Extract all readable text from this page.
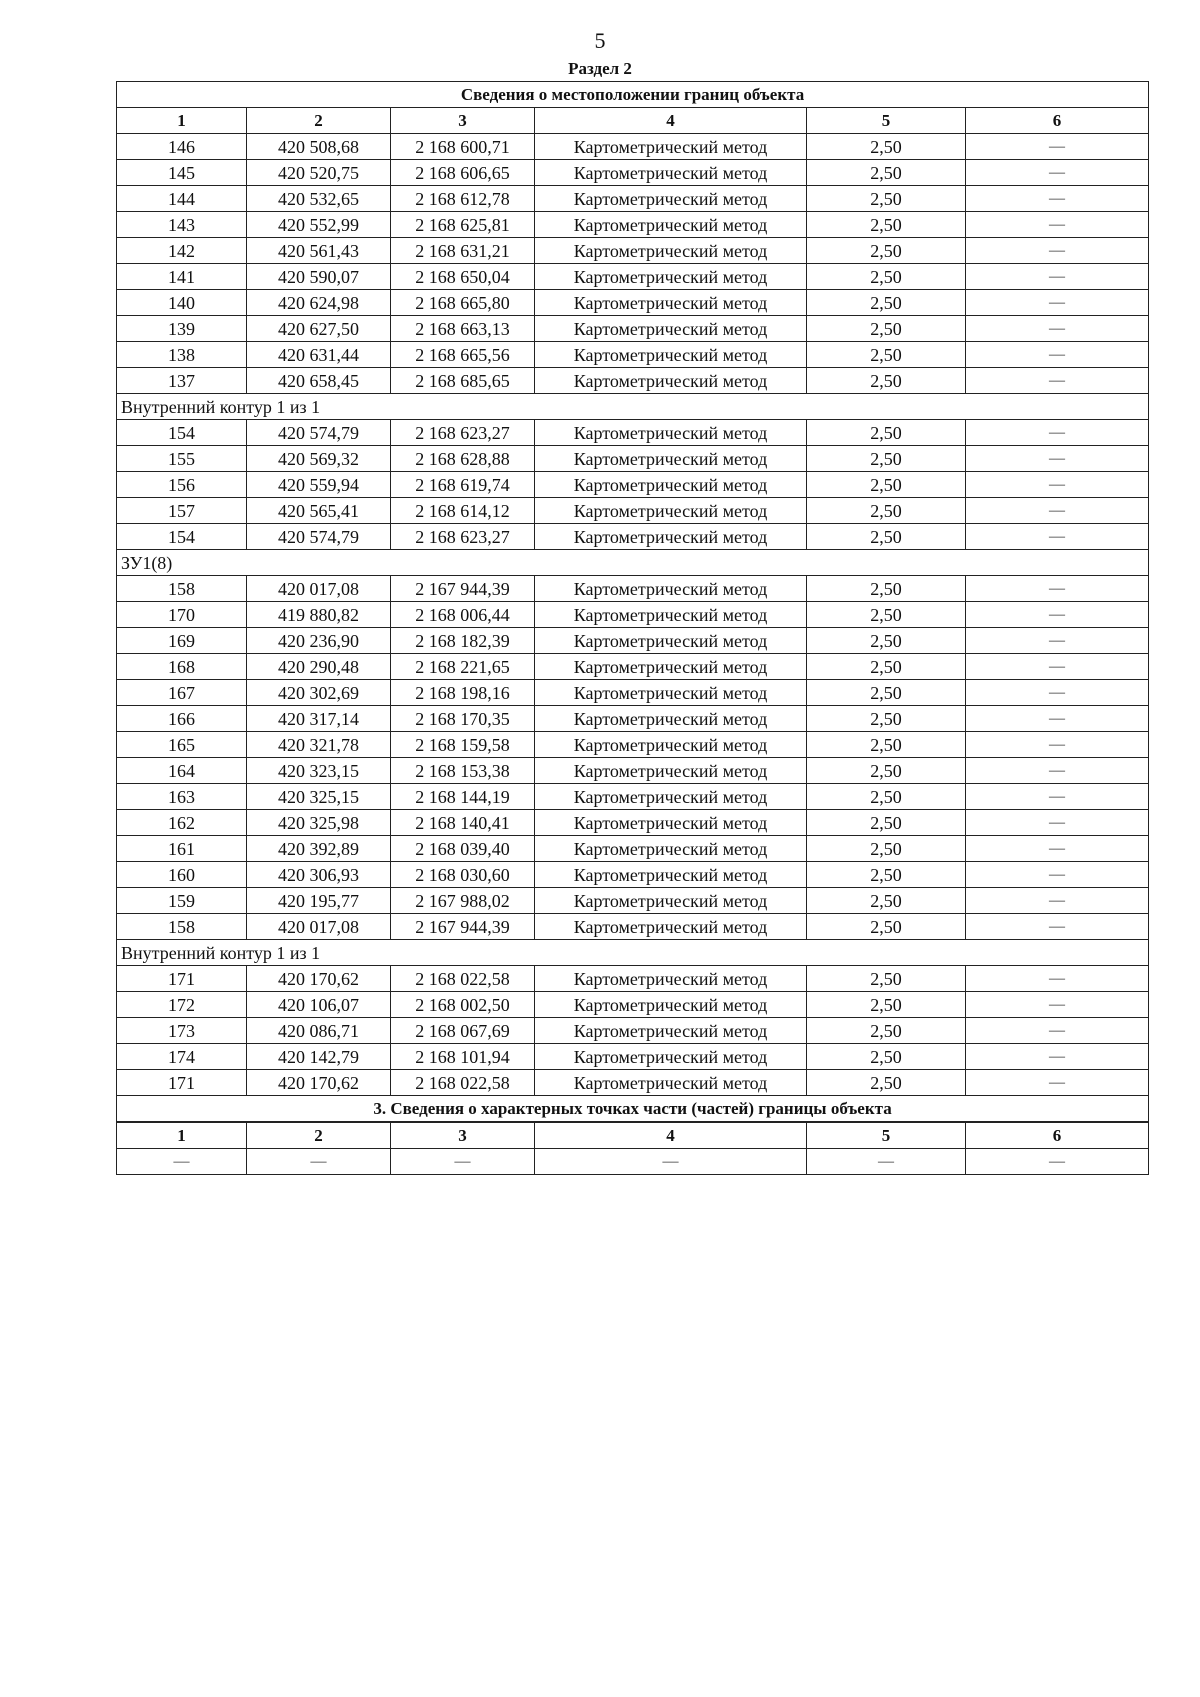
5
Раздел 2
Сведения о местоположении границ объекта					
1	2	3	4	5	6
146	420 508,68	2 168 600,71	Картометрический метод	2,50	—
145	420 520,75	2 168 606,65	Картометрический метод	2,50	—
144	420 532,65	2 168 612,78	Картометрический метод	2,50	—
143	420 552,99	2 168 625,81	Картометрический метод	2,50	—
142	420 561,43	2 168 631,21	Картометрический метод	2,50	—
141	420 590,07	2 168 650,04	Картометрический метод	2,50	—
140	420 624,98	2 168 665,80	Картометрический метод	2,50	—
139	420 627,50	2 168 663,13	Картометрический метод	2,50	—
138	420 631,44	2 168 665,56	Картометрический метод	2,50	—
137	420 658,45	2 168 685,65	Картометрический метод	2,50	—
Внутренний контур 1 из 1					
154	420 574,79	2 168 623,27	Картометрический метод	2,50	—
155	420 569,32	2 168 628,88	Картометрический метод	2,50	—
156	420 559,94	2 168 619,74	Картометрический метод	2,50	—
157	420 565,41	2 168 614,12	Картометрический метод	2,50	—
154	420 574,79	2 168 623,27	Картометрический метод	2,50	—
ЗУ1(8)					
158	420 017,08	2 167 944,39	Картометрический метод	2,50	—
170	419 880,82	2 168 006,44	Картометрический метод	2,50	—
169	420 236,90	2 168 182,39	Картометрический метод	2,50	—
168	420 290,48	2 168 221,65	Картометрический метод	2,50	—
167	420 302,69	2 168 198,16	Картометрический метод	2,50	—
166	420 317,14	2 168 170,35	Картометрический метод	2,50	—
165	420 321,78	2 168 159,58	Картометрический метод	2,50	—
164	420 323,15	2 168 153,38	Картометрический метод	2,50	—
163	420 325,15	2 168 144,19	Картометрический метод	2,50	—
162	420 325,98	2 168 140,41	Картометрический метод	2,50	—
161	420 392,89	2 168 039,40	Картометрический метод	2,50	—
160	420 306,93	2 168 030,60	Картометрический метод	2,50	—
159	420 195,77	2 167 988,02	Картометрический метод	2,50	—
158	420 017,08	2 167 944,39	Картометрический метод	2,50	—
Внутренний контур 1 из 1					
171	420 170,62	2 168 022,58	Картометрический метод	2,50	—
172	420 106,07	2 168 002,50	Картометрический метод	2,50	—
173	420 086,71	2 168 067,69	Картометрический метод	2,50	—
174	420 142,79	2 168 101,94	Картометрический метод	2,50	—
171	420 170,62	2 168 022,58	Картометрический метод	2,50	—
3. Сведения о характерных точках части (частей) границы объекта					
1	2	3	4	5	6
—	—	—	—	—	—
